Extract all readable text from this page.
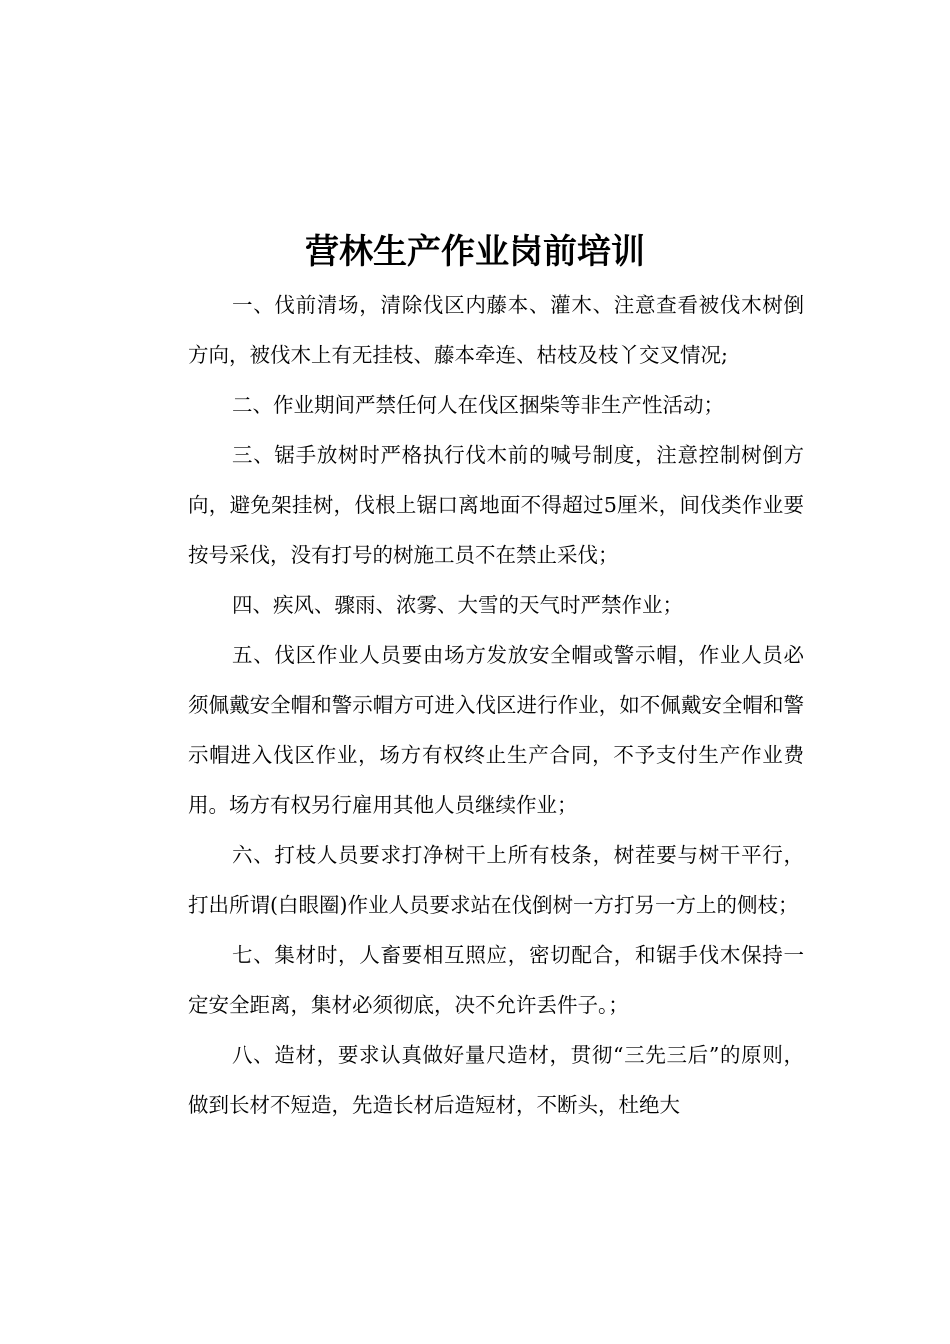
营林生产作业岗前培训

一、伐前清场，清除伐区内藤本、灌木、注意查看被伐木树倒方向，被伐木上有无挂枝、藤本牵连、枯枝及枝丫交叉情况;

二、作业期间严禁任何人在伐区捆柴等非生产性活动；

三、锯手放树时严格执行伐木前的喊号制度，注意控制树倒方向，避免架挂树，伐根上锯口离地面不得超过5厘米，间伐类作业要按号采伐，没有打号的树施工员不在禁止采伐；

四、疾风、骤雨、浓雾、大雪的天气时严禁作业；

五、伐区作业人员要由场方发放安全帽或警示帽，作业人员必须佩戴安全帽和警示帽方可进入伐区进行作业，如不佩戴安全帽和警示帽进入伐区作业，场方有权终止生产合同，不予支付生产作业费用。场方有权另行雇用其他人员继续作业；

六、打枝人员要求打净树干上所有枝条，树茬要与树干平行，打出所谓(白眼圈)作业人员要求站在伐倒树一方打另一方上的侧枝；

七、集材时，人畜要相互照应，密切配合，和锯手伐木保持一定安全距离，集材必须彻底，决不允许丢件子。；

八、造材，要求认真做好量尺造材，贯彻“三先三后”的原则，做到长材不短造，先造长材后造短材，不断头，杜绝大
